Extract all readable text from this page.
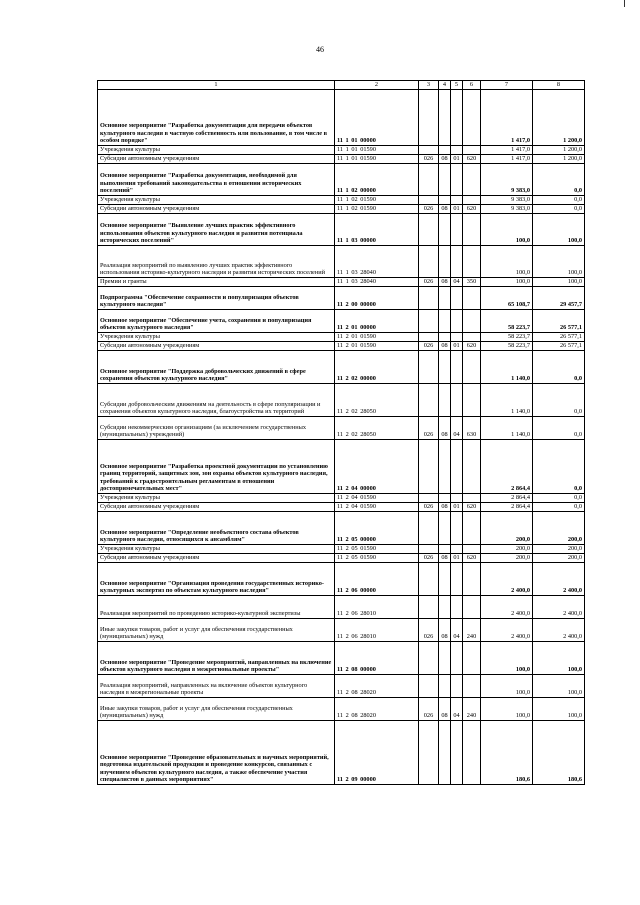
46
1	2	3	4	5	6	7	8
Основное мероприятие "Разработка документации для передачи объектов культурного наследия в частную собственность или пользование, в том числе в особом порядке"	11 1 01 00000					1 417,0	1 200,0
Учреждения культуры	11 1 01 01590					1 417,0	1 200,0
Субсидии автономным учреждениям	11 1 01 01590	026	08	01	620	1 417,0	1 200,0
Основное мероприятие "Разработка документации, необходимой для выполнения требований законодательства в отношении исторических поселений"	11 1 02 00000					9 383,0	0,0
Учреждения культуры	11 1 02 01590					9 383,0	0,0
Субсидии автономным учреждениям	11 1 02 01590	026	08	01	620	9 383,0	0,0
Основное мероприятие "Выявление лучших практик эффективного использования объектов культурного наследия и развития потенциала исторических поселений"	11 1 03 00000					100,0	100,0
Реализация мероприятий по выявлению лучших практик эффективного использования историко-культурного наследия и развития исторических поселений	11 1 03 28040					100,0	100,0
Премии и гранты	11 1 03 28040	026	08	04	350	100,0	100,0
Подпрограмма "Обеспечение сохранности и популяризация объектов культурного наследия"	11 2 00 00000					65 108,7	29 457,7
Основное мероприятие "Обеспечение учета, сохранения и популяризация объектов культурного наследия"	11 2 01 00000					58 223,7	26 577,1
Учреждения культуры	11 2 01 01590					58 223,7	26 577,1
Субсидии автономным учреждениям	11 2 01 01590	026	08	01	620	58 223,7	26 577,1
Основное мероприятие "Поддержка добровольческих движений в сфере сохранения объектов культурного наследия"	11 2 02 00000					1 140,0	0,0
Субсидии добровольческим движениям на деятельность в сфере популяризации и сохранения объектов культурного наследия, благоустройства их территорий	11 2 02 28050					1 140,0	0,0
Субсидии некоммерческим организациям (за исключением государственных (муниципальных) учреждений)	11 2 02 28050	026	08	04	630	1 140,0	0,0
Основное мероприятие "Разработка проектной документации по установлению границ территорий, защитных зон, зон охраны объектов культурного наследия, требований к градостроительным регламентам в отношении достопримечательных мест"	11 2 04 00000					2 864,4	0,0
Учреждения культуры	11 2 04 01590					2 864,4	0,0
Субсидии автономным учреждениям	11 2 04 01590	026	08	01	620	2 864,4	0,0
Основное мероприятие "Определение необъектного состава объектов культурного наследия, относящихся к ансамблям"	11 2 05 00000					200,0	200,0
Учреждения культуры	11 2 05 01590					200,0	200,0
Субсидии автономным учреждениям	11 2 05 01590	026	08	01	620	200,0	200,0
Основное мероприятие "Организация проведения государственных историко-культурных экспертиз по объектам культурного наследия"	11 2 06 00000					2 400,0	2 400,0
Реализация мероприятий по проведению историко-культурной экспертизы	11 2 06 28010					2 400,0	2 400,0
Иные закупки товаров, работ и услуг для обеспечения государственных (муниципальных) нужд	11 2 06 28010	026	08	04	240	2 400,0	2 400,0
Основное мероприятие "Проведение мероприятий, направленных на включение объектов культурного наследия в межрегиональные проекты"	11 2 08 00000					100,0	100,0
Реализация мероприятий, направленных на включение объектов культурного наследия в межрегиональные проекты	11 2 08 28020					100,0	100,0
Иные закупки товаров, работ и услуг для обеспечения государственных (муниципальных) нужд	11 2 08 28020	026	08	04	240	100,0	100,0
Основное мероприятие "Проведение образовательных и научных мероприятий, подготовка издательской продукции и проведение конкурсов, связанных с изучением объектов культурного наследия, а также обеспечение участия специалистов в данных мероприятиях"	11 2 09 00000					180,6	180,6
